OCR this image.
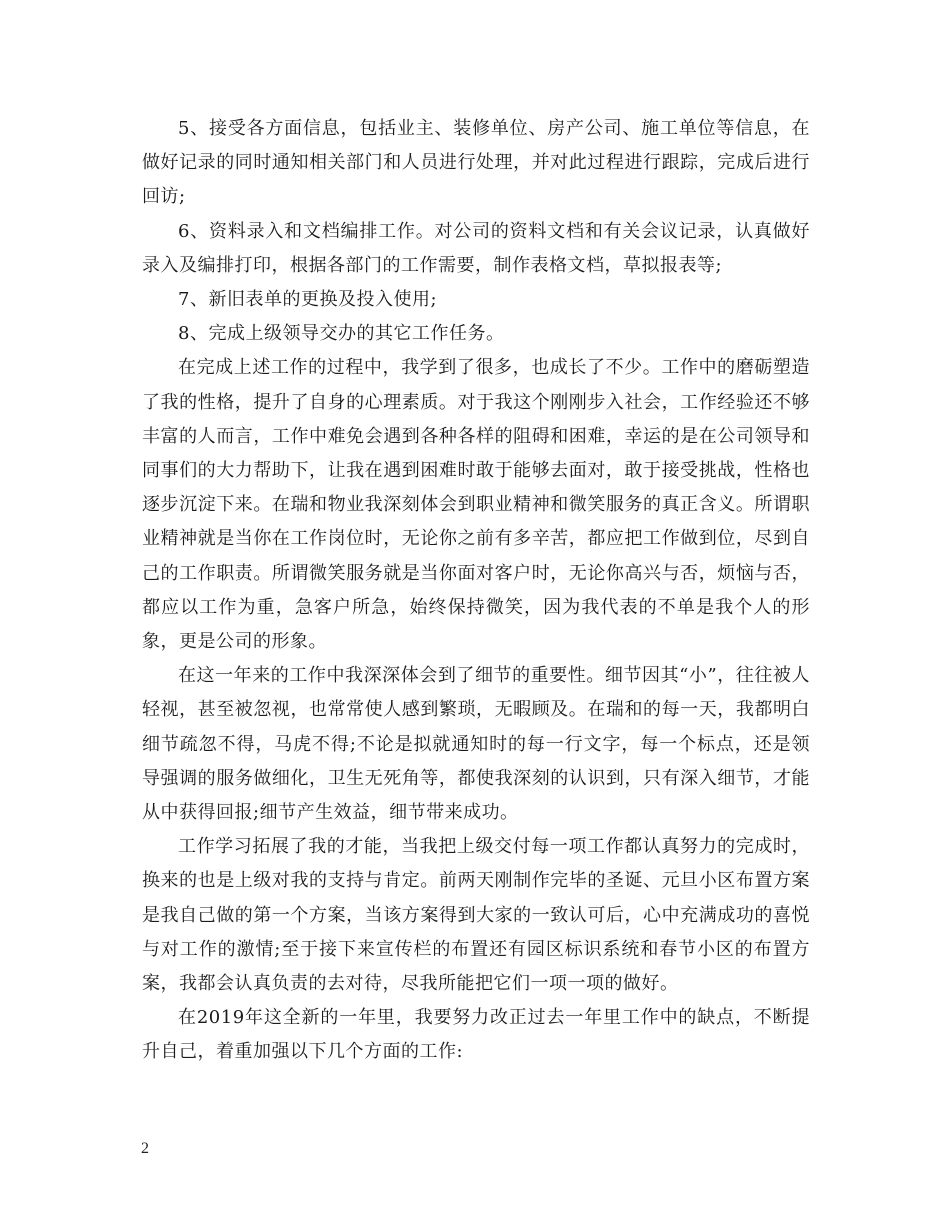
5、接受各方面信息，包括业主、装修单位、房产公司、施工单位等信息，在做好记录的同时通知相关部门和人员进行处理，并对此过程进行跟踪，完成后进行回访;

6、资料录入和文档编排工作。对公司的资料文档和有关会议记录，认真做好录入及编排打印，根据各部门的工作需要，制作表格文档，草拟报表等;

7、新旧表单的更换及投入使用;

8、完成上级领导交办的其它工作任务。

在完成上述工作的过程中，我学到了很多，也成长了不少。工作中的磨砺塑造了我的性格，提升了自身的心理素质。对于我这个刚刚步入社会，工作经验还不够丰富的人而言，工作中难免会遇到各种各样的阻碍和困难，幸运的是在公司领导和同事们的大力帮助下，让我在遇到困难时敢于能够去面对，敢于接受挑战，性格也逐步沉淀下来。在瑞和物业我深刻体会到职业精神和微笑服务的真正含义。所谓职业精神就是当你在工作岗位时，无论你之前有多辛苦，都应把工作做到位，尽到自己的工作职责。所谓微笑服务就是当你面对客户时，无论你高兴与否，烦恼与否，都应以工作为重，急客户所急，始终保持微笑，因为我代表的不单是我个人的形象，更是公司的形象。

在这一年来的工作中我深深体会到了细节的重要性。细节因其“小”，往往被人轻视，甚至被忽视，也常常使人感到繁琐，无暇顾及。在瑞和的每一天，我都明白细节疏忽不得，马虎不得;不论是拟就通知时的每一行文字，每一个标点，还是领导强调的服务做细化，卫生无死角等，都使我深刻的认识到，只有深入细节，才能从中获得回报;细节产生效益，细节带来成功。

工作学习拓展了我的才能，当我把上级交付每一项工作都认真努力的完成时，换来的也是上级对我的支持与肯定。前两天刚制作完毕的圣诞、元旦小区布置方案是我自己做的第一个方案，当该方案得到大家的一致认可后，心中充满成功的喜悦与对工作的激情;至于接下来宣传栏的布置还有园区标识系统和春节小区的布置方案，我都会认真负责的去对待，尽我所能把它们一项一项的做好。

在2019年这全新的一年里，我要努力改正过去一年里工作中的缺点，不断提升自己，着重加强以下几个方面的工作:

2
